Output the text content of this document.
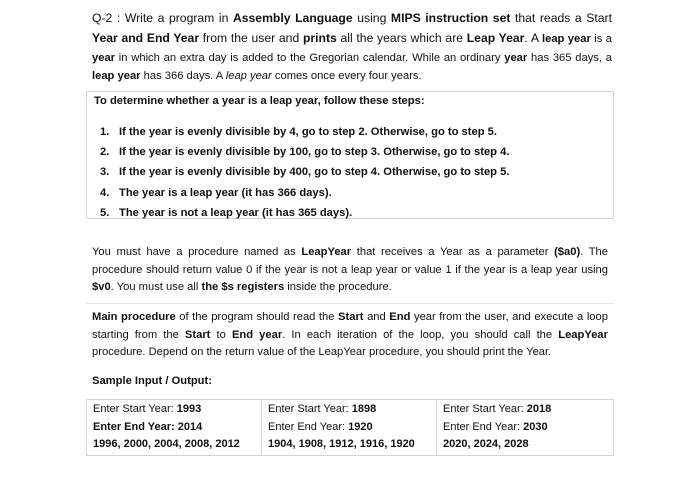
Q-2 : Write a program in Assembly Language using MIPS instruction set that reads a Start Year and End Year from the user and prints all the years which are Leap Year. A leap year is a year in which an extra day is added to the Gregorian calendar. While an ordinary year has 365 days, a leap year has 366 days. A leap year comes once every four years.
To determine whether a year is a leap year, follow these steps:
1. If the year is evenly divisible by 4, go to step 2. Otherwise, go to step 5.
2. If the year is evenly divisible by 100, go to step 3. Otherwise, go to step 4.
3. If the year is evenly divisible by 400, go to step 4. Otherwise, go to step 5.
4. The year is a leap year (it has 366 days).
5. The year is not a leap year (it has 365 days).
You must have a procedure named as LeapYear that receives a Year as a parameter ($a0). The procedure should return value 0 if the year is not a leap year or value 1 if the year is a leap year using $v0. You must use all the $s registers inside the procedure.
Main procedure of the program should read the Start and End year from the user, and execute a loop starting from the Start to End year. In each iteration of the loop, you should call the LeapYear procedure. Depend on the return value of the LeapYear procedure, you should print the Year.
Sample Input / Output:
Enter Start Year: 1993
Enter End Year: 2014
1996, 2000, 2004, 2008, 2012

Enter Start Year: 1898
Enter End Year: 1920
1904, 1908, 1912, 1916, 1920

Enter Start Year: 2018
Enter End Year: 2030
2020, 2024, 2028
